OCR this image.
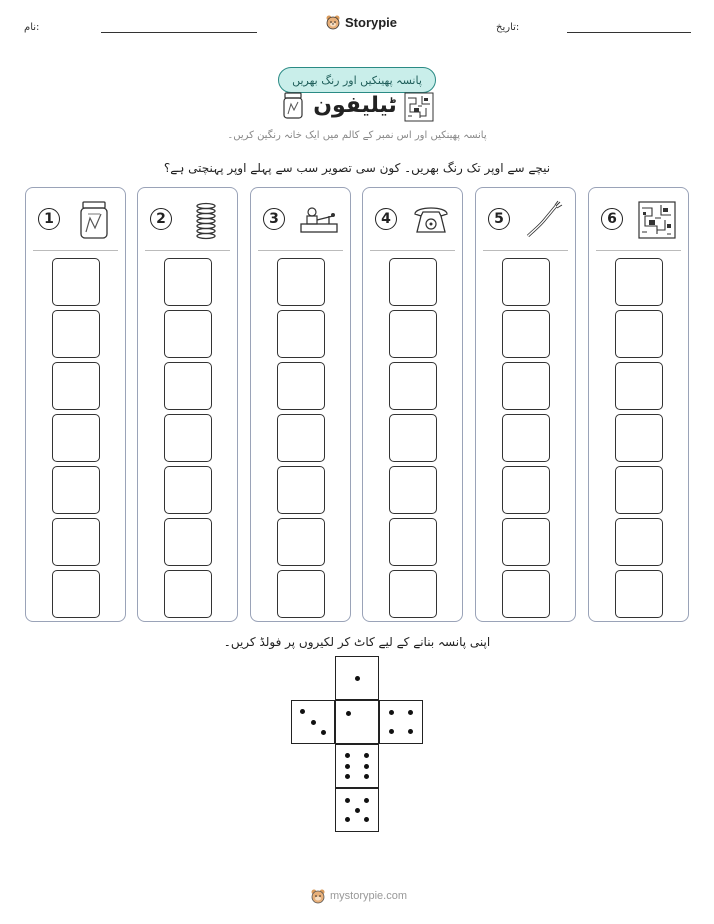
تاریخ:
نام:	Storypie
پانسہ پھینکیں اور رنگ بھریں
ٹیلیفون
پانسہ پھینکیں اور اس نمبر کے کالم میں ایک خانہ رنگین کریں۔
نیچے سے اوپر تک رنگ بھریں۔ کون سی تصویر سب سے پہلے اوپر پہنچتی ہے؟
6
5
4
3
2
1
اپنی پانسہ بنانے کے لیے کاٹ کر لکیروں پر فولڈ کریں۔
mystorypie.com
